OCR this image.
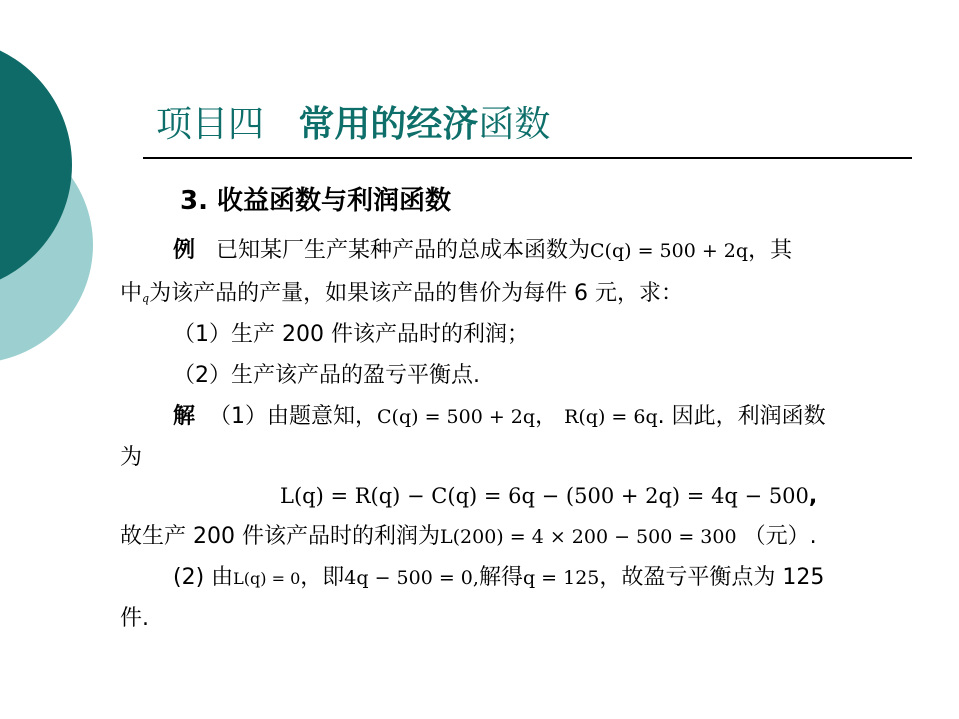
项目四 常用的经济函数
3. 收益函数与利润函数
例 已知某厂生产某种产品的总成本函数为C(q) = 500 + 2q，其
中q为该产品的产量，如果该产品的售价为每件 6 元，求：
（1）生产 200 件该产品时的利润；
（2）生产该产品的盈亏平衡点.
解 （1）由题意知，C(q) = 500 + 2q， R(q) = 6q. 因此，利润函数
为
L(q) = R(q) − C(q) = 6q − (500 + 2q) = 4q − 500,
故生产 200 件该产品时的利润为L(200) = 4 × 200 − 500 = 300 （元）.
(2) 由L(q) = 0，即4q − 500 = 0,解得q = 125，故盈亏平衡点为 125
件.
